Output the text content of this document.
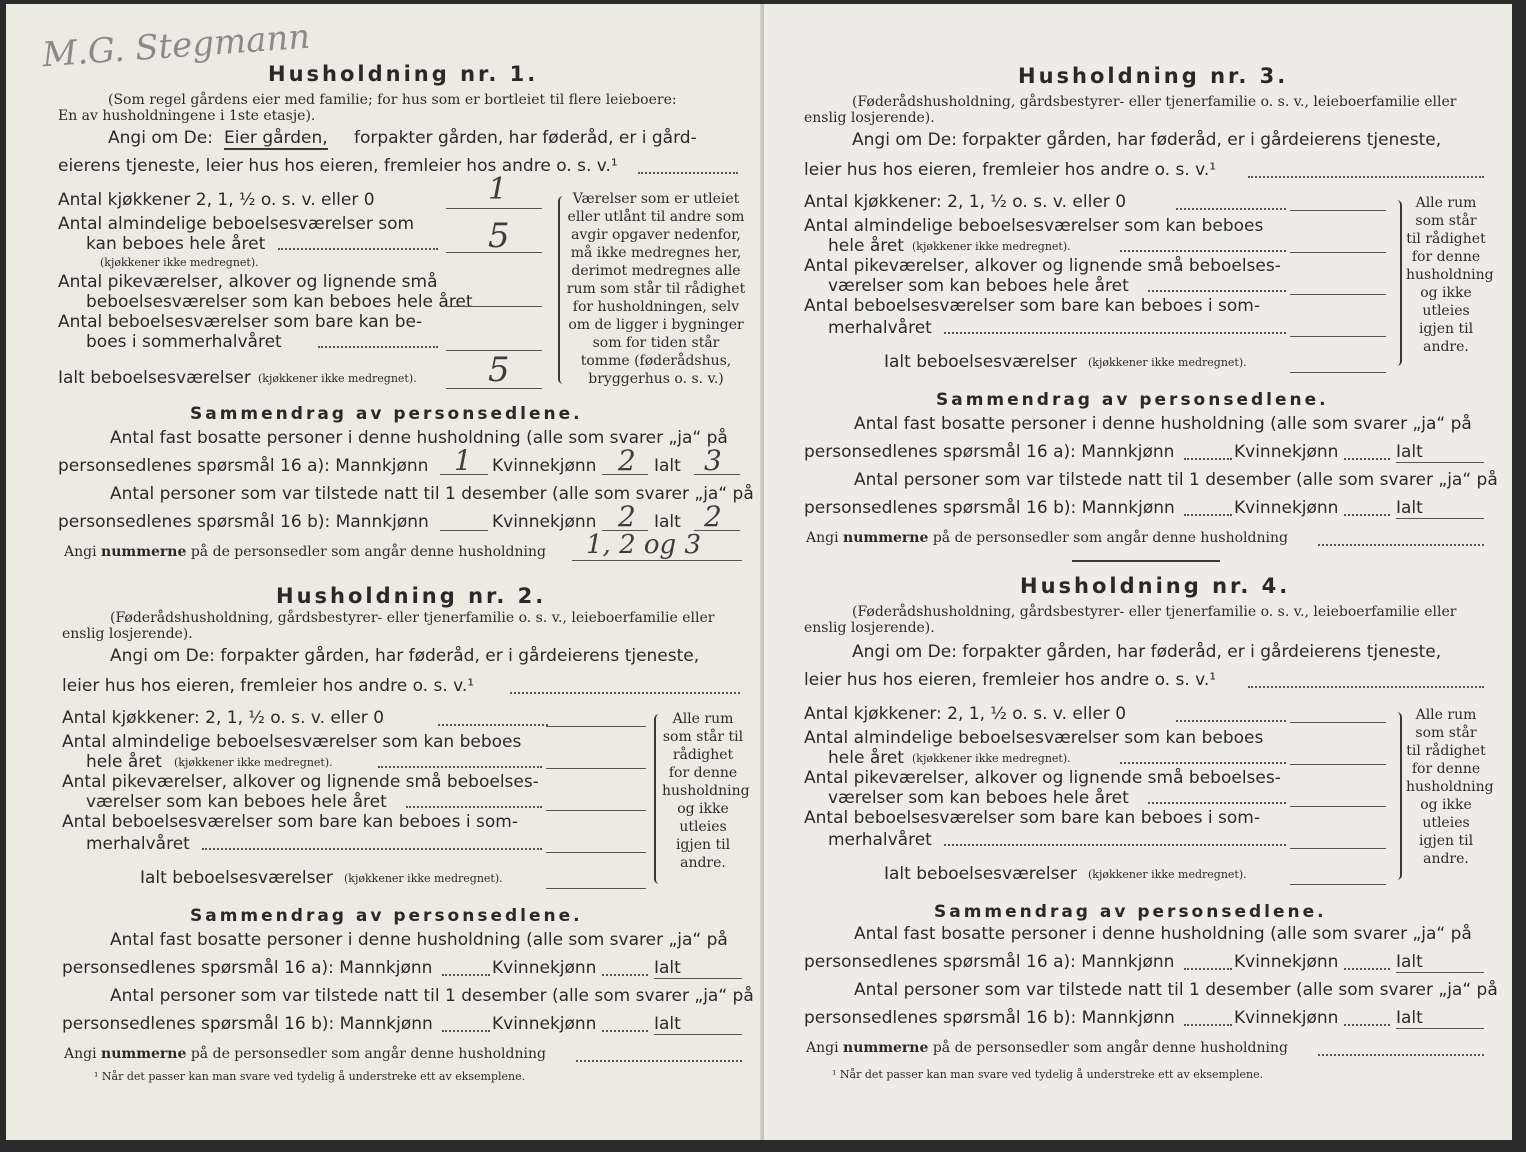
M.G. Stegmann
Husholdning nr. 1.
(Som regel gårdens eier med familie; for hus som er bortleiet til flere leieboere:
En av husholdningene i 1ste etasje).
Angi om De: Eier gården, forpakter gården, har føderåd, er i gård-
eierens tjeneste, leier hus hos eieren, fremleier hos andre o. s. v.¹
Antal kjøkkener 2, 1, ½ o. s. v. eller 0	1
Antal almindelige beboelsesværelser som
kan beboes hele året	5
(kjøkkener ikke medregnet).
Antal pikeværelser, alkover og lignende små
beboelsesværelser som kan beboes hele året
Antal beboelsesværelser som bare kan be-
boes i sommerhalvåret
Ialt beboelsesværelser (kjøkkener ikke medregnet). 5
Værelser som er utleiet eller utlånt til andre som avgir opgaver nedenfor, må ikke medregnes her, derimot medregnes alle rum som står til rådighet for husholdningen, selv om de ligger i bygninger som for tiden står tomme (føderådshus, bryggerhus o. s. v.)
Sammendrag av personsedlene.
Antal fast bosatte personer i denne husholdning (alle som svarer „ja“ på
personsedlenes spørsmål 16 a): Mannkjønn 1 Kvinnekjønn 2 Ialt 3
Antal personer som var tilstede natt til 1 desember (alle som svarer „ja“ på
personsedlenes spørsmål 16 b): Mannkjønn	Kvinnekjønn 2 Ialt 2
Angi nummerne på de personsedler som angår denne husholdning 1, 2 og 3
Husholdning nr. 2.
(Føderådshusholdning, gårdsbestyrer- eller tjenerfamilie o. s. v., leieboerfamilie eller
enslig losjerende).
Angi om De: forpakter gården, har føderåd, er i gårdeierens tjeneste,
leier hus hos eieren, fremleier hos andre o. s. v.¹
Antal kjøkkener: 2, 1, ½ o. s. v. eller 0
Antal almindelige beboelsesværelser som kan beboes
hele året (kjøkkener ikke medregnet).
Antal pikeværelser, alkover og lignende små beboelses-
værelser som kan beboes hele året
Antal beboelsesværelser som bare kan beboes i som-
merhalvåret
Ialt beboelsesværelser (kjøkkener ikke medregnet).
Alle rum som står til rådighet for denne husholdning og ikke utleies igjen til andre.
Sammendrag av personsedlene.
Antal fast bosatte personer i denne husholdning (alle som svarer „ja“ på
personsedlenes spørsmål 16 a): Mannkjønn	Kvinnekjønn	Ialt
Antal personer som var tilstede natt til 1 desember (alle som svarer „ja“ på
personsedlenes spørsmål 16 b): Mannkjønn	Kvinnekjønn	Ialt
Angi nummerne på de personsedler som angår denne husholdning
¹ Når det passer kan man svare ved tydelig å understreke ett av eksemplene.
Husholdning nr. 3.
(Føderådshusholdning, gårdsbestyrer- eller tjenerfamilie o. s. v., leieboerfamilie eller
enslig losjerende).
Angi om De: forpakter gården, har føderåd, er i gårdeierens tjeneste,
leier hus hos eieren, fremleier hos andre o. s. v.¹
Antal kjøkkener: 2, 1, ½ o. s. v. eller 0
Antal almindelige beboelsesværelser som kan beboes
hele året (kjøkkener ikke medregnet).
Antal pikeværelser, alkover og lignende små beboelses-
værelser som kan beboes hele året
Antal beboelsesværelser som bare kan beboes i som-
merhalvåret
Ialt beboelsesværelser (kjøkkener ikke medregnet).
Alle rum som står til rådighet for denne husholdning og ikke utleies igjen til andre.
Sammendrag av personsedlene.
Antal fast bosatte personer i denne husholdning (alle som svarer „ja“ på
personsedlenes spørsmål 16 a): Mannkjønn	Kvinnekjønn	Ialt
Antal personer som var tilstede natt til 1 desember (alle som svarer „ja“ på
personsedlenes spørsmål 16 b): Mannkjønn	Kvinnekjønn	Ialt
Angi nummerne på de personsedler som angår denne husholdning
Husholdning nr. 4.
(Føderådshusholdning, gårdsbestyrer- eller tjenerfamilie o. s. v., leieboerfamilie eller
enslig losjerende).
Angi om De: forpakter gården, har føderåd, er i gårdeierens tjeneste,
leier hus hos eieren, fremleier hos andre o. s. v.¹
Antal kjøkkener: 2, 1, ½ o. s. v. eller 0
Antal almindelige beboelsesværelser som kan beboes
hele året (kjøkkener ikke medregnet).
Antal pikeværelser, alkover og lignende små beboelses-
værelser som kan beboes hele året
Antal beboelsesværelser som bare kan beboes i som-
merhalvåret
Ialt beboelsesværelser (kjøkkener ikke medregnet).
Alle rum som står til rådighet for denne husholdning og ikke utleies igjen til andre.
Sammendrag av personsedlene.
Antal fast bosatte personer i denne husholdning (alle som svarer „ja“ på
personsedlenes spørsmål 16 a): Mannkjønn	Kvinnekjønn	Ialt
Antal personer som var tilstede natt til 1 desember (alle som svarer „ja“ på
personsedlenes spørsmål 16 b): Mannkjønn	Kvinnekjønn	Ialt
Angi nummerne på de personsedler som angår denne husholdning
¹ Når det passer kan man svare ved tydelig å understreke ett av eksemplene.
